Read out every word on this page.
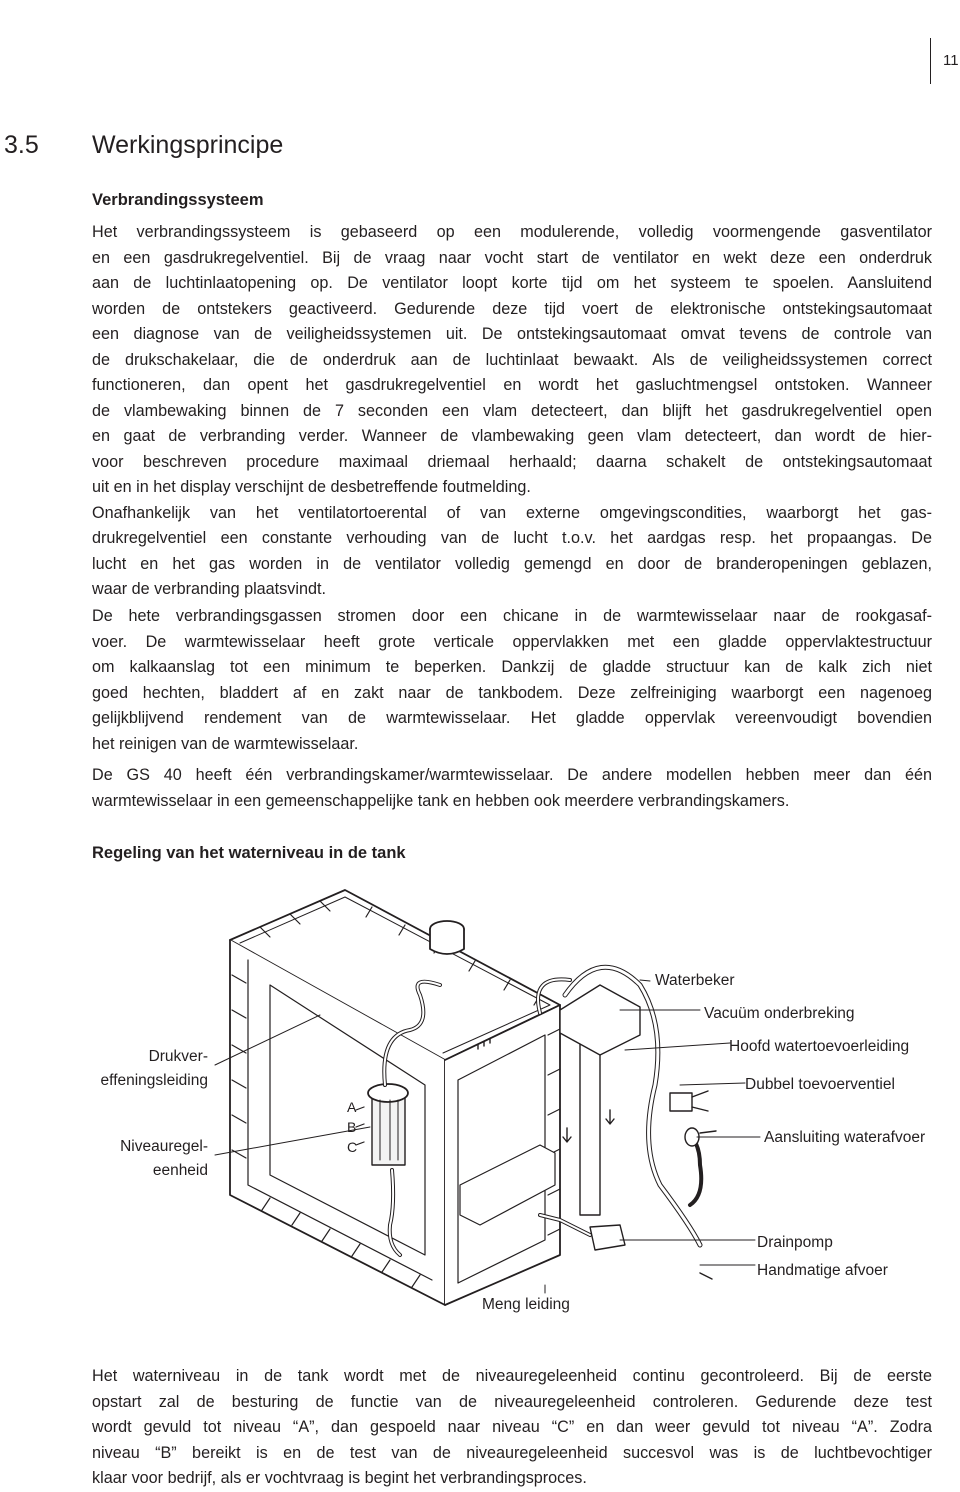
11
3.5	Werkingsprincipe
Verbrandingssysteem
Het verbrandingssysteem is gebaseerd op een modulerende, volledig voormengende gasventilator
en een gasdrukregelventiel. Bij de vraag naar vocht start de ventilator en wekt deze een onderdruk
aan de luchtinlaatopening op. De ventilator loopt korte tijd om het systeem te spoelen. Aansluitend
worden de ontstekers geactiveerd. Gedurende deze tijd voert de elektronische ontstekingsautomaat
een diagnose van de veiligheidssystemen uit. De ontstekingsautomaat omvat tevens de controle van
de drukschakelaar, die de onderdruk aan de luchtinlaat bewaakt. Als de veiligheidssystemen correct
functioneren, dan opent het gasdrukregelventiel en wordt het gasluchtmengsel ontstoken. Wanneer
de vlambewaking binnen de 7 seconden een vlam detecteert, dan blijft het gasdrukregelventiel open
en gaat de verbranding verder. Wanneer de vlambewaking geen vlam detecteert, dan wordt de hier-
voor beschreven procedure maximaal driemaal herhaald; daarna schakelt de ontstekingsautomaat
uit en in het display verschijnt de desbetreffende foutmelding.
Onafhankelijk van het ventilatortoerental of van externe omgevingscondities, waarborgt het gas-
drukregelventiel een constante verhouding van de lucht t.o.v. het aardgas resp. het propaangas. De
lucht en het gas worden in de ventilator volledig gemengd en door de branderopeningen geblazen,
waar de verbranding plaatsvindt.
De hete verbrandingsgassen stromen door een chicane in de warmtewisselaar naar de rookgasaf-
voer. De warmtewisselaar heeft grote verticale oppervlakken met een gladde oppervlaktestructuur
om kalkaanslag tot een minimum te beperken. Dankzij de gladde structuur kan de kalk zich niet
goed hechten, bladdert af en zakt naar de tankbodem. Deze zelfreiniging waarborgt een nagenoeg
gelijkblijvend rendement van de warmtewisselaar. Het gladde oppervlak vereenvoudigt bovendien
het reinigen van de warmtewisselaar.
De GS 40 heeft één verbrandingskamer/warmtewisselaar. De andere modellen hebben meer dan één
warmtewisselaar in een gemeenschappelijke tank en hebben ook meerdere verbrandingskamers.
Regeling van het waterniveau in de tank
Waterbeker
Vacuüm onderbreking
Hoofd watertoevoerleiding
Dubbel toevoerventiel
Aansluiting waterafvoer
Drainpomp
Handmatige afvoer
Meng leiding
Drukver-
effeningsleiding
Niveauregel-
eenheid
A
B
C
Het waterniveau in de tank wordt met de niveauregeleenheid continu gecontroleerd. Bij de eerste
opstart zal de besturing de functie van de niveauregeleenheid controleren. Gedurende deze test
wordt gevuld tot niveau “A”, dan gespoeld naar niveau “C” en dan weer gevuld tot niveau “A”. Zodra
niveau “B” bereikt is en de test van de niveauregeleenheid succesvol was is de luchtbevochtiger
klaar voor bedrijf, als er vochtvraag is begint het verbrandingsproces.
